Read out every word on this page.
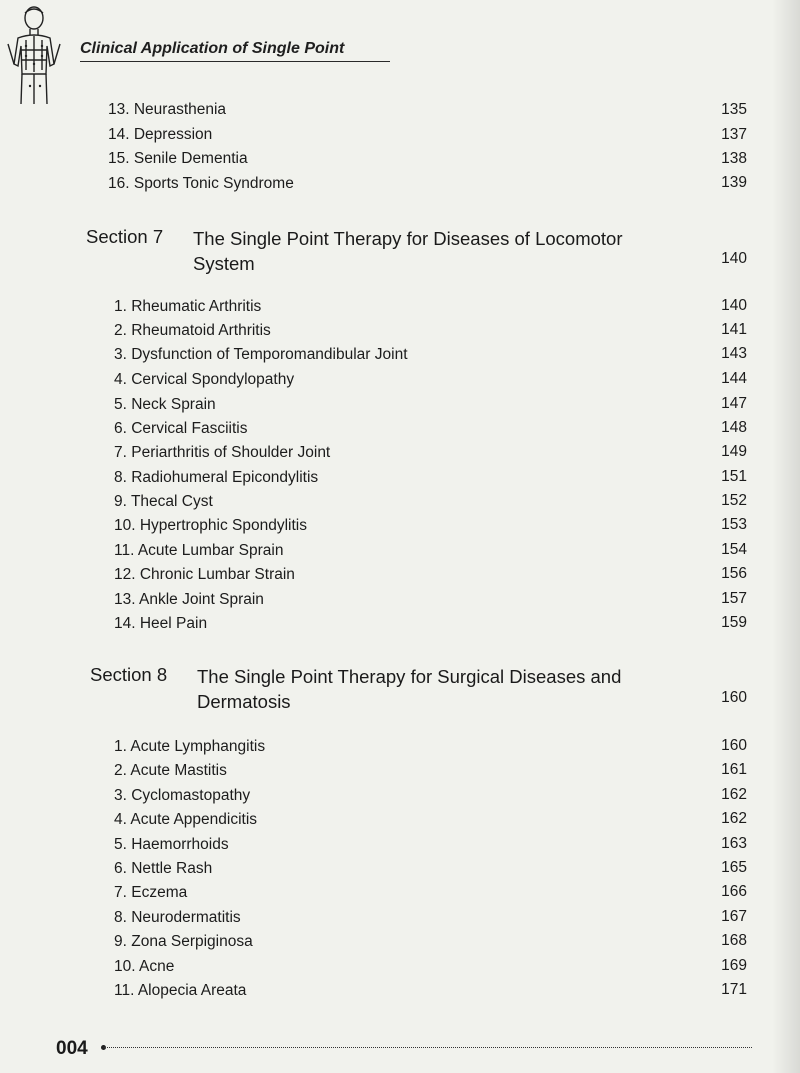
Clinical Application of Single Point
13. Neurasthenia	135
14. Depression	137
15. Senile Dementia	138
16. Sports Tonic Syndrome	139
Section 7 The Single Point Therapy for Diseases of Locomotor
System	140
1. Rheumatic Arthritis	140
2. Rheumatoid Arthritis	141
3. Dysfunction of Temporomandibular Joint	143
4. Cervical Spondylopathy	144
5. Neck Sprain	147
6. Cervical Fasciitis	148
7. Periarthritis of Shoulder Joint	149
8. Radiohumeral Epicondylitis	151
9. Thecal Cyst	152
10. Hypertrophic Spondylitis	153
11. Acute Lumbar Sprain	154
12. Chronic Lumbar Strain	156
13. Ankle Joint Sprain	157
14. Heel Pain	159
Section 8 The Single Point Therapy for Surgical Diseases and
Dermatosis	160
1. Acute Lymphangitis	160
2. Acute Mastitis	161
3. Cyclomastopathy	162
4. Acute Appendicitis	162
5. Haemorrhoids	163
6. Nettle Rash	165
7. Eczema	166
8. Neurodermatitis	167
9. Zona Serpiginosa	168
10. Acne	169
11. Alopecia Areata	171
004
